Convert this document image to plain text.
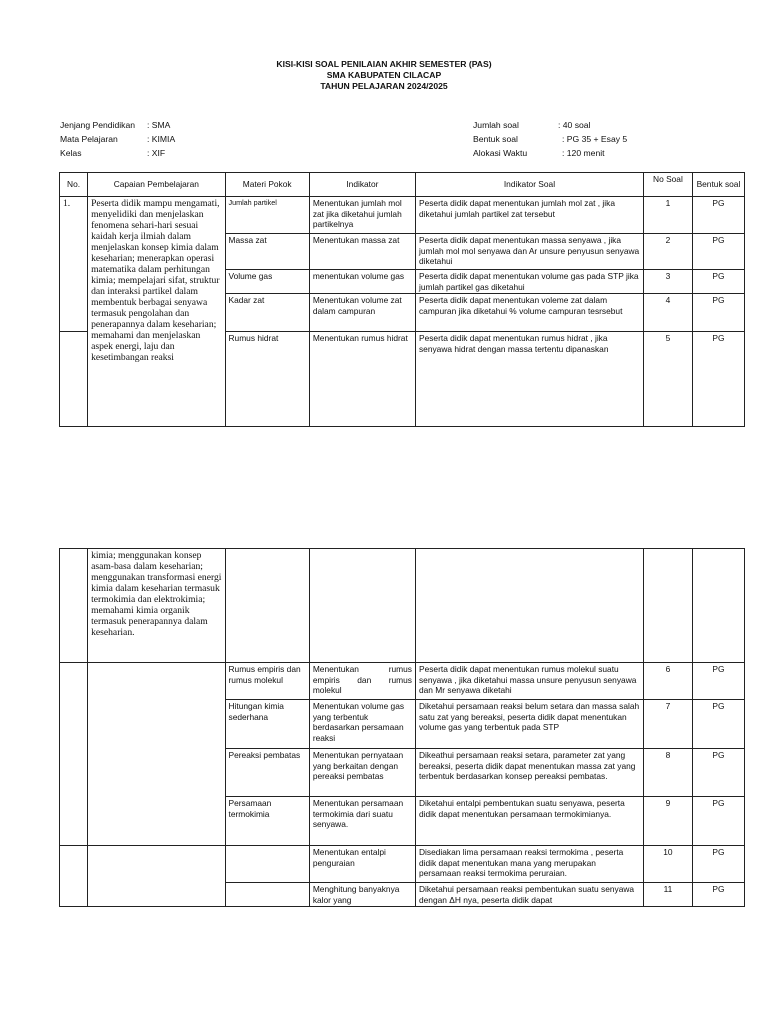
KISI-KISI SOAL PENILAIAN AKHIR SEMESTER (PAS)
SMA KABUPATEN CILACAP
TAHUN PELAJARAN 2024/2025
Jenjang Pendidikan : SMA
Mata Pelajaran	: KIMIA
Kelas	: XIF
Jumlah soal	: 40 soal
Bentuk soal	: PG 35 + Esay 5
Alokasi Waktu	: 120 menit
No.	Capaian Pembelajaran	Materi Pokok	Indikator	Indikator Soal	No Soal	Bentuk soal
1.	Peserta didik mampu mengamati, menyelidiki dan menjelaskan fenomena sehari-hari sesuai kaidah kerja ilmiah dalam menjelaskan konsep kimia dalam keseharian; menerapkan operasi matematika dalam perhitungan kimia; mempelajari sifat, struktur dan interaksi partikel dalam membentuk berbagai senyawa termasuk pengolahan dan penerapannya dalam keseharian; memahami dan menjelaskan aspek energi, laju dan kesetimbangan reaksi	Jumlah partikel	Menentukan jumlah mol zat jika diketahui jumlah partikelnya	Peserta didik dapat menentukan jumlah mol zat , jika diketahui jumlah partikel zat tersebut	1	PG
		Massa zat	Menentukan massa zat	Peserta didik dapat menentukan massa senyawa , jika jumlah mol mol senyawa dan Ar unsure penyusun senyawa diketahui	2	PG
		Volume gas	menentukan volume gas	Peserta didik dapat menentukan volume gas pada STP jika jumlah partikel gas diketahui	3	PG
		Kadar zat	Menentukan volume zat dalam campuran	Peserta didik dapat menentukan voleme zat dalam campuran jika diketahui % volume campuran tesrsebut	4	PG
		Rumus hidrat	Menentukan rumus hidrat	Peserta didik dapat menentukan rumus hidrat , jika senyawa hidrat dengan massa tertentu dipanaskan	5	PG
	kimia; menggunakan konsep asam-basa dalam keseharian; menggunakan transformasi energi kimia dalam keseharian termasuk termokimia dan elektrokimia; memahami kimia organik termasuk penerapannya dalam keseharian.					
		Rumus empiris dan rumus molekul	Menentukan rumus empiris dan rumus molekul	Peserta didik dapat menentukan rumus molekul suatu senyawa , jika diketahui massa unsure penyusun senyawa dan Mr senyawa diketahi	6	PG
		Hitungan kimia sederhana	Menentukan volume gas yang terbentuk berdasarkan persamaan reaksi	Diketahui persamaan reaksi belum setara dan massa salah satu zat yang bereaksi, peserta didik dapat menentukan volume gas yang terbentuk pada STP	7	PG
		Pereaksi pembatas	Menentukan pernyataan yang berkaitan dengan pereaksi pembatas	Dikeathui persamaan reaksi setara, parameter zat yang bereaksi, peserta didik dapat menentukan massa zat yang terbentuk berdasarkan konsep pereaksi pembatas.	8	PG
		Persamaan termokimia	Menentukan persamaan termokimia dari suatu senyawa.	Diketahui entalpi pembentukan suatu senyawa, peserta didik dapat menentukan persamaan termokimianya.	9	PG
			Menentukan entalpi penguraian	Disediakan lima persamaan reaksi termokima , peserta didik dapat menentukan mana yang merupakan persamaan reaksi termokima peruraian.	10	PG
			Menghitung banyaknya kalor yang	Diketahui persamaan reaksi pembentukan suatu senyawa dengan ΔH nya, peserta didik dapat	11	PG
